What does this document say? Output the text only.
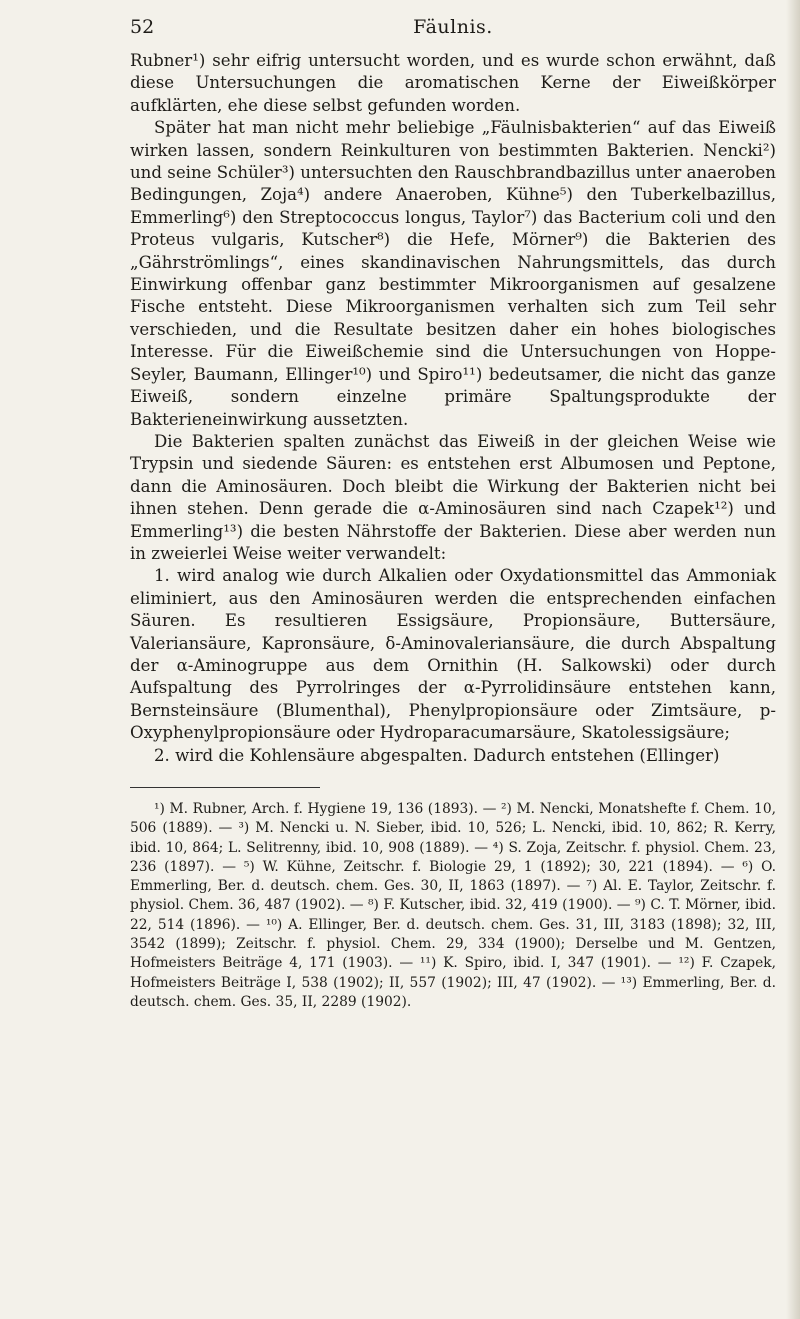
52	Fäulnis.

Rubner¹) sehr eifrig untersucht worden, und es wurde schon erwähnt, daß diese Untersuchungen die aromatischen Kerne der Eiweißkörper aufklärten, ehe diese selbst gefunden worden.

Später hat man nicht mehr beliebige „Fäulnisbakterien“ auf das Eiweiß wirken lassen, sondern Reinkulturen von bestimmten Bakterien. Nencki²) und seine Schüler³) untersuchten den Rauschbrandbazillus unter anaeroben Bedingungen, Zoja⁴) andere Anaeroben, Kühne⁵) den Tuberkelbazillus, Emmerling⁶) den Streptococcus longus, Taylor⁷) das Bacterium coli und den Proteus vulgaris, Kutscher⁸) die Hefe, Mörner⁹) die Bakterien des „Gährströmlings“, eines skandinavischen Nahrungsmittels, das durch Einwirkung offenbar ganz bestimmter Mikroorganismen auf gesalzene Fische entsteht. Diese Mikroorganismen verhalten sich zum Teil sehr verschieden, und die Resultate besitzen daher ein hohes biologisches Interesse. Für die Eiweißchemie sind die Untersuchungen von Hoppe-Seyler, Baumann, Ellinger¹⁰) und Spiro¹¹) bedeutsamer, die nicht das ganze Eiweiß, sondern einzelne primäre Spaltungsprodukte der Bakterieneinwirkung aussetzten.

Die Bakterien spalten zunächst das Eiweiß in der gleichen Weise wie Trypsin und siedende Säuren: es entstehen erst Albumosen und Peptone, dann die Aminosäuren. Doch bleibt die Wirkung der Bakterien nicht bei ihnen stehen. Denn gerade die α-Aminosäuren sind nach Czapek¹²) und Emmerling¹³) die besten Nährstoffe der Bakterien. Diese aber werden nun in zweierlei Weise weiter verwandelt:

1. wird analog wie durch Alkalien oder Oxydationsmittel das Ammoniak eliminiert, aus den Aminosäuren werden die entsprechenden einfachen Säuren. Es resultieren Essigsäure, Propionsäure, Buttersäure, Valeriansäure, Kapronsäure, δ-Aminovaleriansäure, die durch Abspaltung der α-Aminogruppe aus dem Ornithin (H. Salkowski) oder durch Aufspaltung des Pyrrolringes der α-Pyrrolidinsäure entstehen kann, Bernsteinsäure (Blumenthal), Phenylpropionsäure oder Zimtsäure, p-Oxyphenylpropionsäure oder Hydroparacumarsäure, Skatolessigsäure;

2. wird die Kohlensäure abgespalten. Dadurch entstehen (Ellinger)

¹) M. Rubner, Arch. f. Hygiene 19, 136 (1893). — ²) M. Nencki, Monatshefte f. Chem. 10, 506 (1889). — ³) M. Nencki u. N. Sieber, ibid. 10, 526; L. Nencki, ibid. 10, 862; R. Kerry, ibid. 10, 864; L. Selitrenny, ibid. 10, 908 (1889). — ⁴) S. Zoja, Zeitschr. f. physiol. Chem. 23, 236 (1897). — ⁵) W. Kühne, Zeitschr. f. Biologie 29, 1 (1892); 30, 221 (1894). — ⁶) O. Emmerling, Ber. d. deutsch. chem. Ges. 30, II, 1863 (1897). — ⁷) Al. E. Taylor, Zeitschr. f. physiol. Chem. 36, 487 (1902). — ⁸) F. Kutscher, ibid. 32, 419 (1900). — ⁹) C. T. Mörner, ibid. 22, 514 (1896). — ¹⁰) A. Ellinger, Ber. d. deutsch. chem. Ges. 31, III, 3183 (1898); 32, III, 3542 (1899); Zeitschr. f. physiol. Chem. 29, 334 (1900); Derselbe und M. Gentzen, Hofmeisters Beiträge 4, 171 (1903). — ¹¹) K. Spiro, ibid. I, 347 (1901). — ¹²) F. Czapek, Hofmeisters Beiträge I, 538 (1902); II, 557 (1902); III, 47 (1902). — ¹³) Emmerling, Ber. d. deutsch. chem. Ges. 35, II, 2289 (1902).
